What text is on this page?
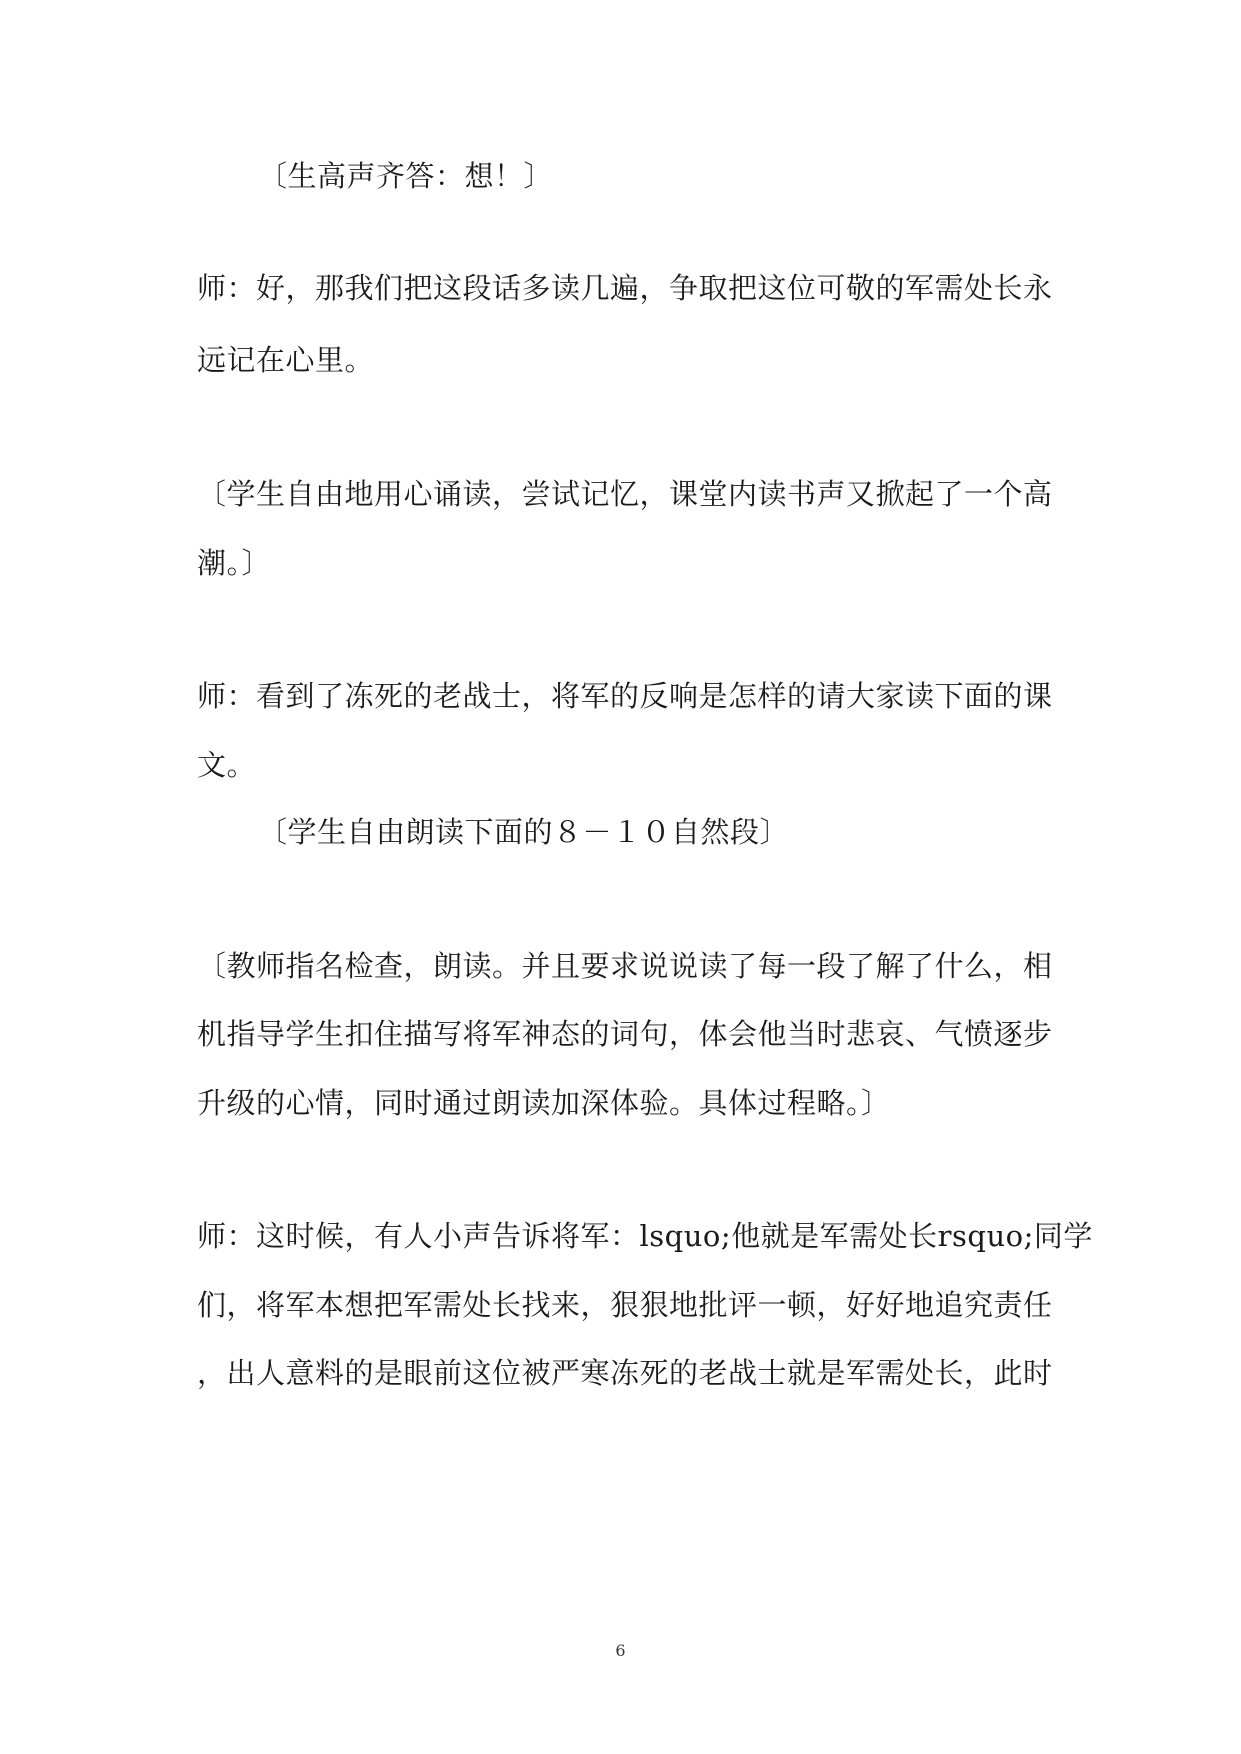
〔生高声齐答：想！〕
师：好，那我们把这段话多读几遍，争取把这位可敬的军需处长永
远记在心里。
〔学生自由地用心诵读，尝试记忆，课堂内读书声又掀起了一个高
潮。〕
师：看到了冻死的老战士，将军的反响是怎样的请大家读下面的课
文。
〔学生自由朗读下面的８－１０自然段〕
〔教师指名检查，朗读。并且要求说说读了每一段了解了什么，相
机指导学生扣住描写将军神态的词句，体会他当时悲哀、气愤逐步
升级的心情，同时通过朗读加深体验。具体过程略。〕
师：这时候，有人小声告诉将军：lsquo;他就是军需处长rsquo;同学
们，将军本想把军需处长找来，狠狠地批评一顿，好好地追究责任
，出人意料的是眼前这位被严寒冻死的老战士就是军需处长，此时
6
